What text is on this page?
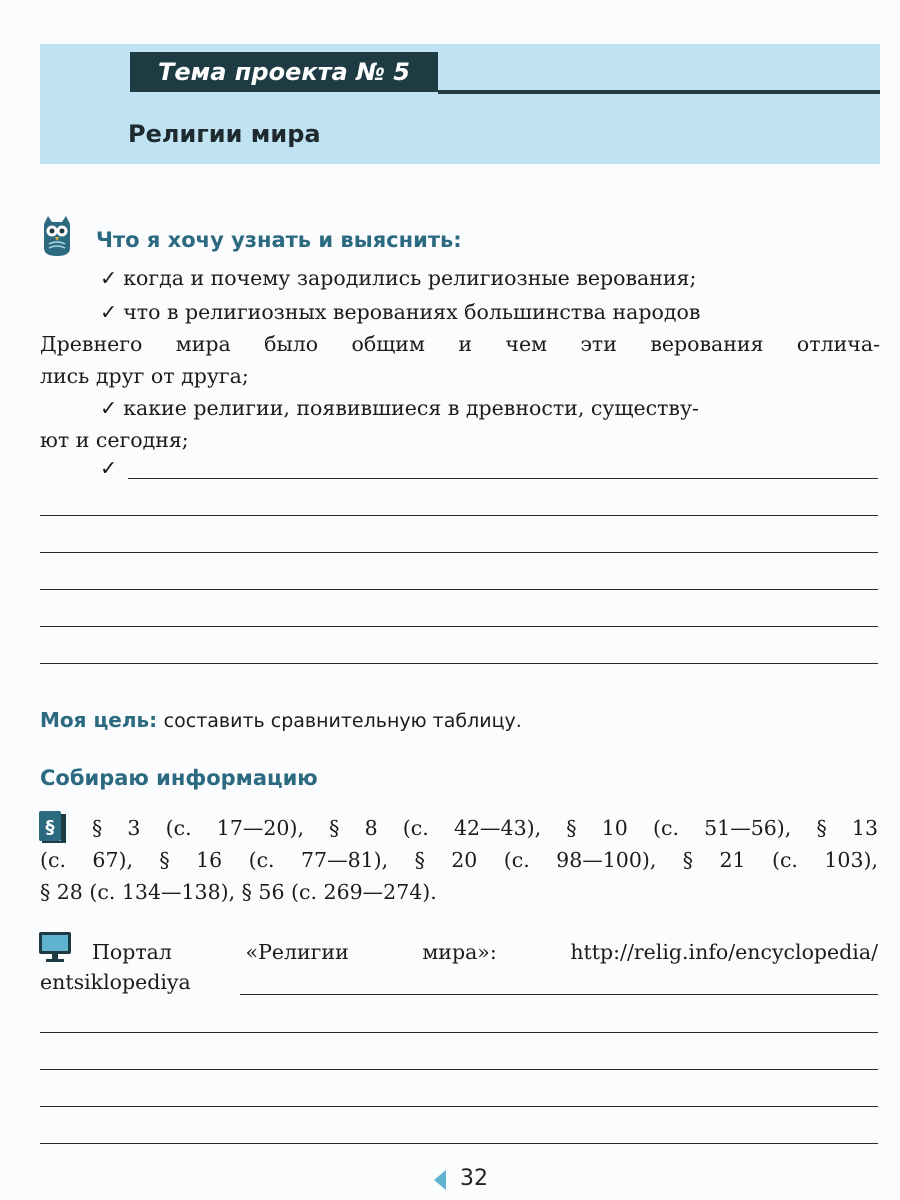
Тема проекта № 5
Религии мира
Что я хочу узнать и выяснить:
✓ когда и почему зародились религиозные верования;
✓ что в религиозных верованиях большинства народов
Древнего мира было общим и чем эти верования отлича-
лись друг от друга;
✓ какие религии, появившиеся в древности, существу-
ют и сегодня;
✓
Моя цель: составить сравнительную таблицу.
Собираю информацию
§ § 3 (с. 17—20), § 8 (с. 42—43), § 10 (с. 51—56), § 13
(с. 67), § 16 (с. 77—81), § 20 (с. 98—100), § 21 (с. 103),
§ 28 (с. 134—138), § 56 (с. 269—274).
Портал «Религии мира»: http://relig.info/encyclopedia/
entsiklopediya
32
